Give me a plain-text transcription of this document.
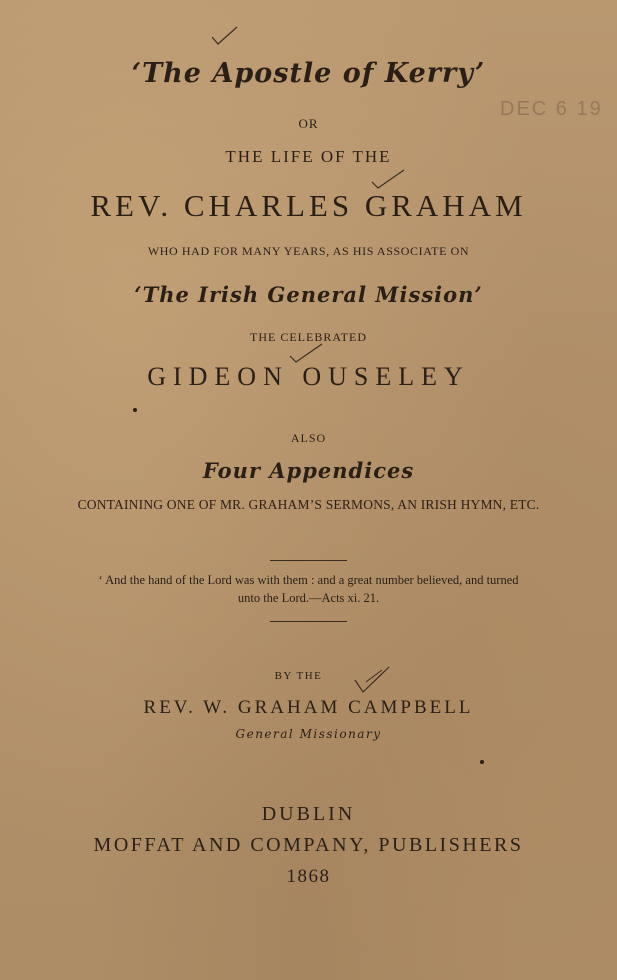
DEC 6 19
‘The Apostle of Kerry’
OR
THE LIFE OF THE
REV. CHARLES GRAHAM
WHO HAD FOR MANY YEARS, AS HIS ASSOCIATE ON
‘The Irish General Mission’
THE CELEBRATED
GIDEON OUSELEY
ALSO
Four Appendices
CONTAINING ONE OF MR. GRAHAM’S SERMONS, AN IRISH HYMN, ETC.
‘ And the hand of the Lord was with them : and a great number believed, and turned
unto the Lord.—Acts xi. 21.
BY THE
REV. W. GRAHAM CAMPBELL
General Missionary
DUBLIN
MOFFAT AND COMPANY, PUBLISHERS
1868
